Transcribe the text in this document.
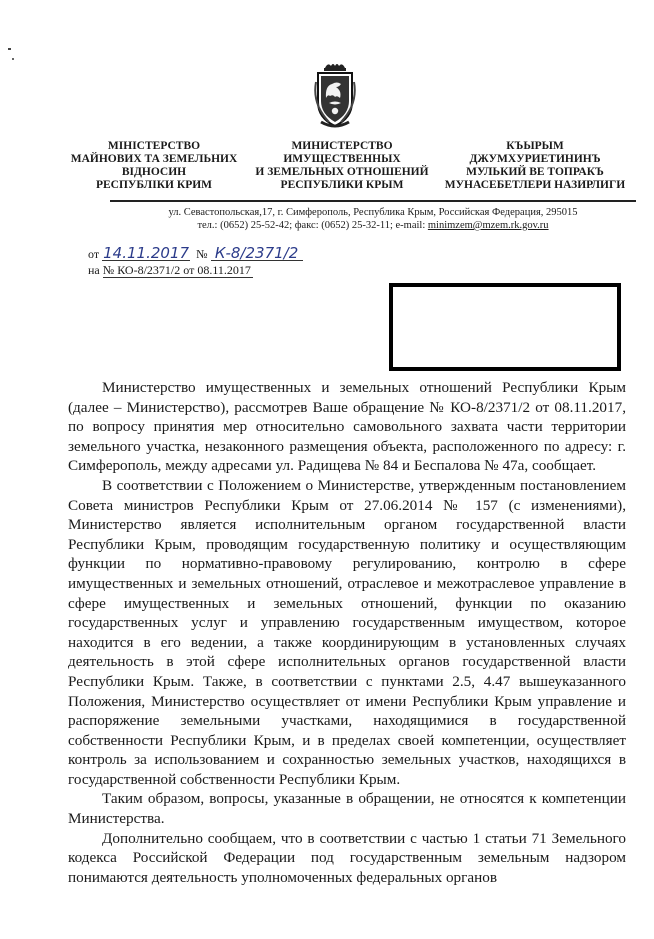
МІНІСТЕРСТВО
МАЙНОВИХ ТА ЗЕМЕЛЬНИХ
ВІДНОСИН
РЕСПУБЛІКИ КРИМ
МИНИСТЕРСТВО
ИМУЩЕСТВЕННЫХ
И ЗЕМЕЛЬНЫХ ОТНОШЕНИЙ
РЕСПУБЛИКИ КРЫМ
КЪЫРЫМ
ДЖУМХУРИЕТИНИНЪ
МУЛЬКИЙ ВЕ ТОПРАКЪ
МУНАСЕБЕТЛЕРИ НАЗИРЛИГИ
ул. Севастопольская,17, г. Симферополь, Республика Крым, Российская Федерация, 295015
тел.: (0652) 25-52-42; факс: (0652) 25-32-11; e-mail: minimzem@mzem.rk.gov.ru
от 14.11.2017 № К-8/2371/2
на № КО-8/2371/2 от 08.11.2017

Министерство имущественных и земельных отношений Республики Крым (далее – Министерство), рассмотрев Ваше обращение № КО-8/2371/2 от 08.11.2017, по вопросу принятия мер относительно самовольного захвата части территории земельного участка, незаконного размещения объекта, расположенного по адресу: г. Симферополь, между адресами ул. Радищева № 84 и Беспалова № 47а, сообщает.

В соответствии с Положением о Министерстве, утвержденным постановлением Совета министров Республики Крым от 27.06.2014 № 157 (с изменениями), Министерство является исполнительным органом государственной власти Республики Крым, проводящим государственную политику и осуществляющим функции по нормативно-правовому регулированию, контролю в сфере имущественных и земельных отношений, отраслевое и межотраслевое управление в сфере имущественных и земельных отношений, функции по оказанию государственных услуг и управлению государственным имуществом, которое находится в его ведении, а также координирующим в установленных случаях деятельность в этой сфере исполнительных органов государственной власти Республики Крым. Также, в соответствии с пунктами 2.5, 4.47 вышеуказанного Положения, Министерство осуществляет от имени Республики Крым управление и распоряжение земельными участками, находящимися в государственной собственности Республики Крым, и в пределах своей компетенции, осуществляет контроль за использованием и сохранностью земельных участков, находящихся в государственной собственности Республики Крым.

Таким образом, вопросы, указанные в обращении, не относятся к компетенции Министерства.

Дополнительно сообщаем, что в соответствии с частью 1 статьи 71 Земельного кодекса Российской Федерации под государственным земельным надзором понимаются деятельность уполномоченных федеральных органов
